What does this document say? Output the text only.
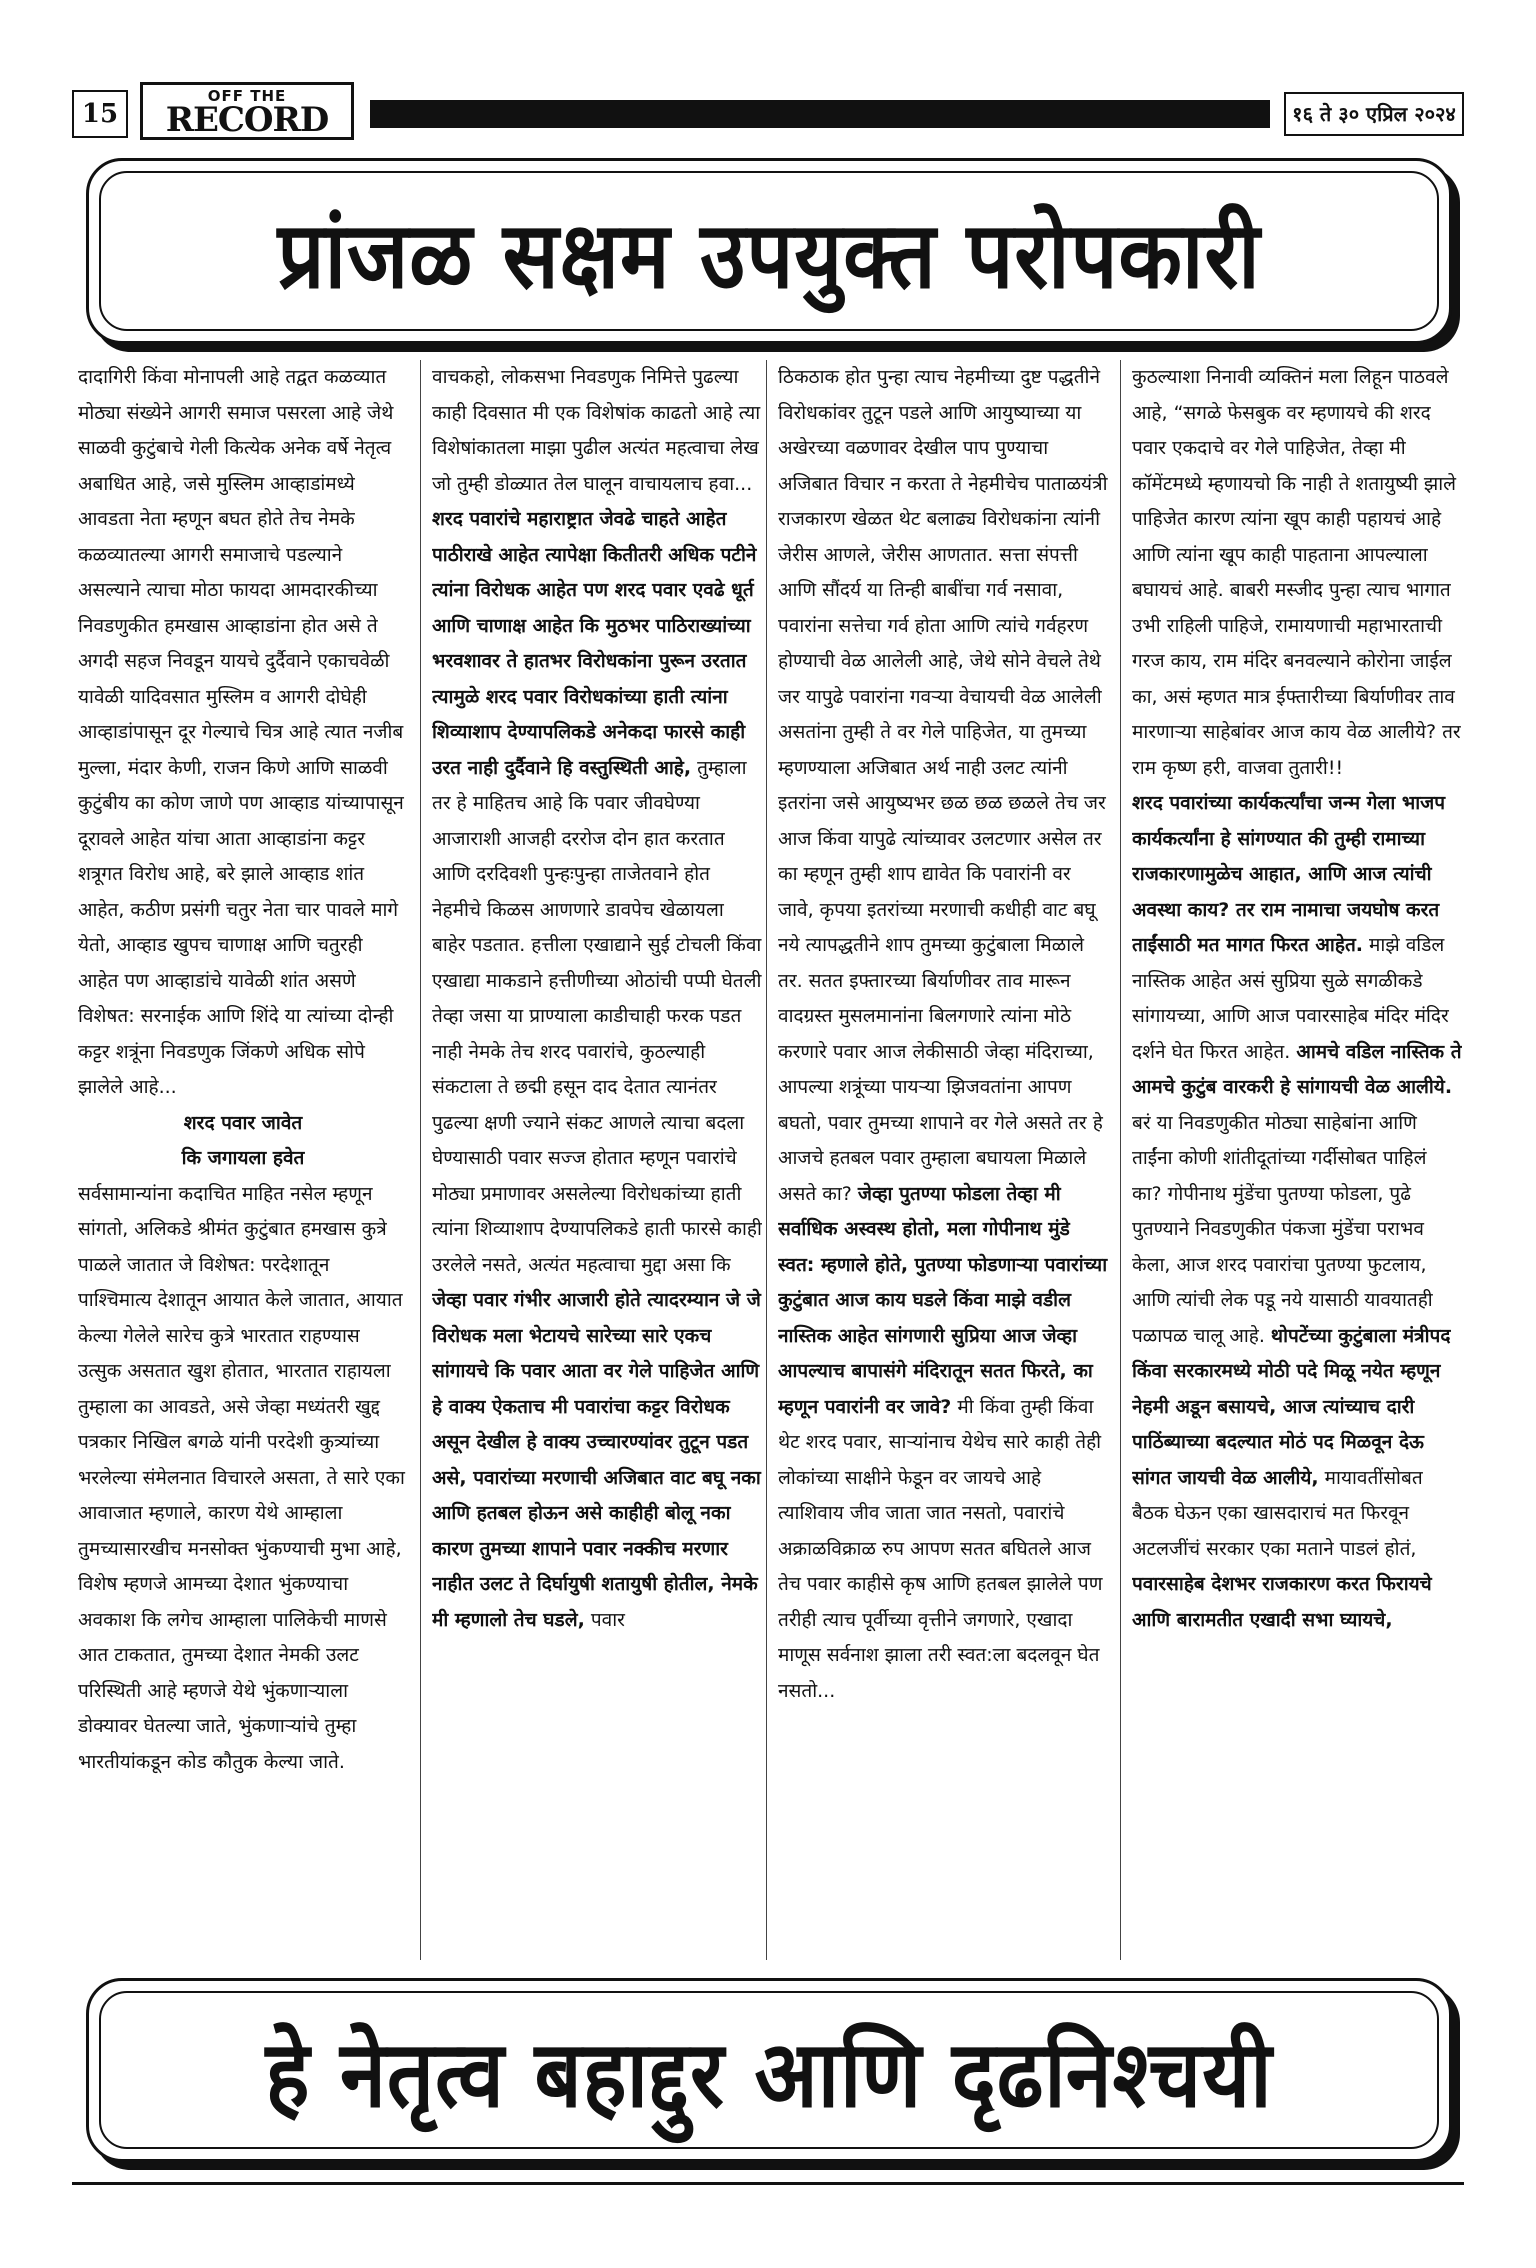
15
OFF THE
RECORD	१६ ते ३० एप्रिल २०२४
प्रांजळ सक्षम उपयुक्त परोपकारी

दादागिरी किंवा मोनापली आहे तद्वत कळव्यात मोठ्या संख्येने आगरी समाज पसरला आहे जेथे साळवी कुटुंबाचे गेली कित्येक अनेक वर्षे नेतृत्व अबाधित आहे, जसे मुस्लिम आव्हाडांमध्ये आवडता नेता म्हणून बघत होते तेच नेमके कळव्यातल्या आगरी समाजाचे पडल्याने असल्याने त्याचा मोठा फायदा आमदारकीच्या निवडणुकीत हमखास आव्हाडांना होत असे ते अगदी सहज निवडून यायचे दुर्दैवाने एकाचवेळी यावेळी यादिवसात मुस्लिम व आगरी दोघेही आव्हाडांपासून दूर गेल्याचे चित्र आहे त्यात नजीब मुल्ला, मंदार केणी, राजन किणे आणि साळवी कुटुंबीय का कोण जाणे पण आव्हाड यांच्यापासून दूरावले आहेत यांचा आता आव्हाडांना कट्टर शत्रूगत विरोध आहे, बरे झाले आव्हाड शांत आहेत, कठीण प्रसंगी चतुर नेता चार पावले मागे येतो, आव्हाड खुपच चाणाक्ष आणि चतुरही आहेत पण आव्हाडांचे यावेळी शांत असणे विशेषत: सरनाईक आणि शिंदे या त्यांच्या दोन्ही कट्टर शत्रूंना निवडणुक जिंकणे अधिक सोपे झालेले आहे...

शरद पवार जावेत

कि जगायला हवेत

सर्वसामान्यांना कदाचित माहित नसेल म्हणून सांगतो, अलिकडे श्रीमंत कुटुंबात हमखास कुत्रे पाळले जातात जे विशेषत: परदेशातून पाश्चिमात्य देशातून आयात केले जातात, आयात केल्या गेलेले सारेच कुत्रे भारतात राहण्यास उत्सुक असतात खुश होतात, भारतात राहायला तुम्हाला का आवडते, असे जेव्हा मध्यंतरी खुद्द पत्रकार निखिल बगळे यांनी परदेशी कुत्र्यांच्या भरलेल्या संमेलनात विचारले असता, ते सारे एका आवाजात म्हणाले, कारण येथे आम्हाला तुमच्यासारखीच मनसोक्त भुंकण्याची मुभा आहे, विशेष म्हणजे आमच्या देशात भुंकण्याचा अवकाश कि लगेच आम्हाला पालिकेची माणसे आत टाकतात, तुमच्या देशात नेमकी उलट परिस्थिती आहे म्हणजे येथे भुंकणाऱ्याला डोक्यावर घेतल्या जाते, भुंकणाऱ्यांचे तुम्हा भारतीयांकडून कोड कौतुक केल्या जाते.

वाचकहो, लोकसभा निवडणुक निमित्ते पुढल्या काही दिवसात मी एक विशेषांक काढतो आहे त्या विशेषांकातला माझा पुढील अत्यंत महत्वाचा लेख जो तुम्ही डोळ्यात तेल घालून वाचायलाच हवा...

शरद पवारांचे महाराष्ट्रात जेवढे चाहते आहेत पाठीराखे आहेत त्यापेक्षा कितीतरी अधिक पटीने त्यांना विरोधक आहेत पण शरद पवार एवढे धूर्त आणि चाणाक्ष आहेत कि मुठभर पाठिराख्यांच्या भरवशावर ते हातभर विरोधकांना पुरून उरतात त्यामुळे शरद पवार विरोधकांच्या हाती त्यांना शिव्याशाप देण्यापलिकडे अनेकदा फारसे काही उरत नाही दुर्दैवाने हि वस्तुस्थिती आहे, तुम्हाला तर हे माहितच आहे कि पवार जीवघेण्या आजाराशी आजही दररोज दोन हात करतात आणि दरदिवशी पुन्हःपुन्हा ताजेतवाने होत नेहमीचे किळस आणणारे डावपेच खेळायला बाहेर पडतात. हत्तीला एखाद्याने सुई टोचली किंवा एखाद्या माकडाने हत्तीणीच्या ओठांची पप्पी घेतली तेव्हा जसा या प्राण्याला काडीचाही फरक पडत नाही नेमके तेच शरद पवारांचे, कुठल्याही संकटाला ते छद्मी हसून दाद देतात त्यानंतर पुढल्या क्षणी ज्याने संकट आणले त्याचा बदला घेण्यासाठी पवार सज्ज होतात म्हणून पवारांचे मोठ्या प्रमाणावर असलेल्या विरोधकांच्या हाती त्यांना शिव्याशाप देण्यापलिकडे हाती फारसे काही उरलेले नसते, अत्यंत महत्वाचा मुद्दा असा कि जेव्हा पवार गंभीर आजारी होते त्यादरम्यान जे जे विरोधक मला भेटायचे सारेच्या सारे एकच सांगायचे कि पवार आता वर गेले पाहिजेत आणि हे वाक्य ऐकताच मी पवारांचा कट्टर विरोधक असून देखील हे वाक्य उच्चारण्यांवर तुटून पडत असे, पवारांच्या मरणाची अजिबात वाट बघू नका आणि हतबल होऊन असे काहीही बोलू नका कारण तुमच्या शापाने पवार नक्कीच मरणार नाहीत उलट ते दिर्घायुषी शतायुषी होतील, नेमके मी म्हणालो तेच घडले, पवार

ठिकठाक होत पुन्हा त्याच नेहमीच्या दुष्ट पद्धतीने विरोधकांवर तुटून पडले आणि आयुष्याच्या या अखेरच्या वळणावर देखील पाप पुण्याचा अजिबात विचार न करता ते नेहमीचेच पाताळयंत्री राजकारण खेळत थेट बलाढ्य विरोधकांना त्यांनी जेरीस आणले, जेरीस आणतात. सत्ता संपत्ती आणि सौंदर्य या तिन्ही बाबींचा गर्व नसावा, पवारांना सत्तेचा गर्व होता आणि त्यांचे गर्वहरण होण्याची वेळ आलेली आहे, जेथे सोने वेचले तेथे जर यापुढे पवारांना गवऱ्या वेचायची वेळ आलेली असतांना तुम्ही ते वर गेले पाहिजेत, या तुमच्या म्हणण्याला अजिबात अर्थ नाही उलट त्यांनी इतरांना जसे आयुष्यभर छळ छळ छळले तेच जर आज किंवा यापुढे त्यांच्यावर उलटणार असेल तर का म्हणून तुम्ही शाप द्यावेत कि पवारांनी वर जावे, कृपया इतरांच्या मरणाची कधीही वाट बघू नये त्यापद्धतीने शाप तुमच्या कुटुंबाला मिळाले तर. सतत इफ्तारच्या बिर्याणीवर ताव मारून वादग्रस्त मुसलमानांना बिलगणारे त्यांना मोठे करणारे पवार आज लेकीसाठी जेव्हा मंदिराच्या, आपल्या शत्रूंच्या पायऱ्या झिजवतांना आपण बघतो, पवार तुमच्या शापाने वर गेले असते तर हे आजचे हतबल पवार तुम्हाला बघायला मिळाले असते का? जेव्हा पुतण्या फोडला तेव्हा मी सर्वाधिक अस्वस्थ होतो, मला गोपीनाथ मुंडे स्वत: म्हणाले होते, पुतण्या फोडणाऱ्या पवारांच्या कुटुंबात आज काय घडले किंवा माझे वडील नास्तिक आहेत सांगणारी सुप्रिया आज जेव्हा आपल्याच बापासंगे मंदिरातून सतत फिरते, का म्हणून पवारांनी वर जावे? मी किंवा तुम्ही किंवा थेट शरद पवार, साऱ्यांनाच येथेच सारे काही तेही लोकांच्या साक्षीने फेडून वर जायचे आहे त्याशिवाय जीव जाता जात नसतो, पवारांचे अक्राळविक्राळ रुप आपण सतत बघितले आज तेच पवार काहीसे कृष आणि हतबल झालेले पण तरीही त्याच पूर्वीच्या वृत्तीने जगणारे, एखादा माणूस सर्वनाश झाला तरी स्वत:ला बदलवून घेत नसतो...

कुठल्याशा निनावी व्यक्तिनं मला लिहून पाठवले आहे, “सगळे फेसबुक वर म्हणायचे की शरद पवार एकदाचे वर गेले पाहिजेत, तेव्हा मी कॉमेंटमध्ये म्हणायचो कि नाही ते शतायुष्यी झाले पाहिजेत कारण त्यांना खूप काही पहायचं आहे आणि त्यांना खूप काही पाहताना आपल्याला बघायचं आहे. बाबरी मस्जीद पुन्हा त्याच भागात उभी राहिली पाहिजे, रामायणाची महाभारताची गरज काय, राम मंदिर बनवल्याने कोरोना जाईल का, असं म्हणत मात्र ईफ्तारीच्या बिर्याणीवर ताव मारणाऱ्या साहेबांवर आज काय वेळ आलीये? तर राम कृष्ण हरी, वाजवा तुतारी!!

शरद पवारांच्या कार्यकर्त्यांचा जन्म गेला भाजप कार्यकर्त्यांना हे सांगण्यात की तुम्ही रामाच्या राजकारणामुळेच आहात, आणि आज त्यांची अवस्था काय? तर राम नामाचा जयघोष करत ताईंसाठी मत मागत फिरत आहेत. माझे वडिल नास्तिक आहेत असं सुप्रिया सुळे सगळीकडे सांगायच्या, आणि आज पवारसाहेब मंदिर मंदिर दर्शने घेत फिरत आहेत. आमचे वडिल नास्तिक ते आमचे कुटुंब वारकरी हे सांगायची वेळ आलीये. बरं या निवडणुकीत मोठ्या साहेबांना आणि ताईंना कोणी शांतीदूतांच्या गर्दीसोबत पाहिलं का? गोपीनाथ मुंडेंचा पुतण्या फोडला, पुढे पुतण्याने निवडणुकीत पंकजा मुंडेंचा पराभव केला, आज शरद पवारांचा पुतण्या फुटलाय, आणि त्यांची लेक पडू नये यासाठी यावयातही पळापळ चालू आहे. थोपटेंच्या कुटुंबाला मंत्रीपद किंवा सरकारमध्ये मोठी पदे मिळू नयेत म्हणून नेहमी अडून बसायचे, आज त्यांच्याच दारी पाठिंब्याच्या बदल्यात मोठं पद मिळवून देऊ सांगत जायची वेळ आलीये, मायावतींसोबत बैठक घेऊन एका खासदाराचं मत फिरवून अटलजींचं सरकार एका मताने पाडलं होतं, पवारसाहेब देशभर राजकारण करत फिरायचे आणि बारामतीत एखादी सभा घ्यायचे,

हे नेतृत्व बहाद्दुर आणि दृढनिश्चयी
